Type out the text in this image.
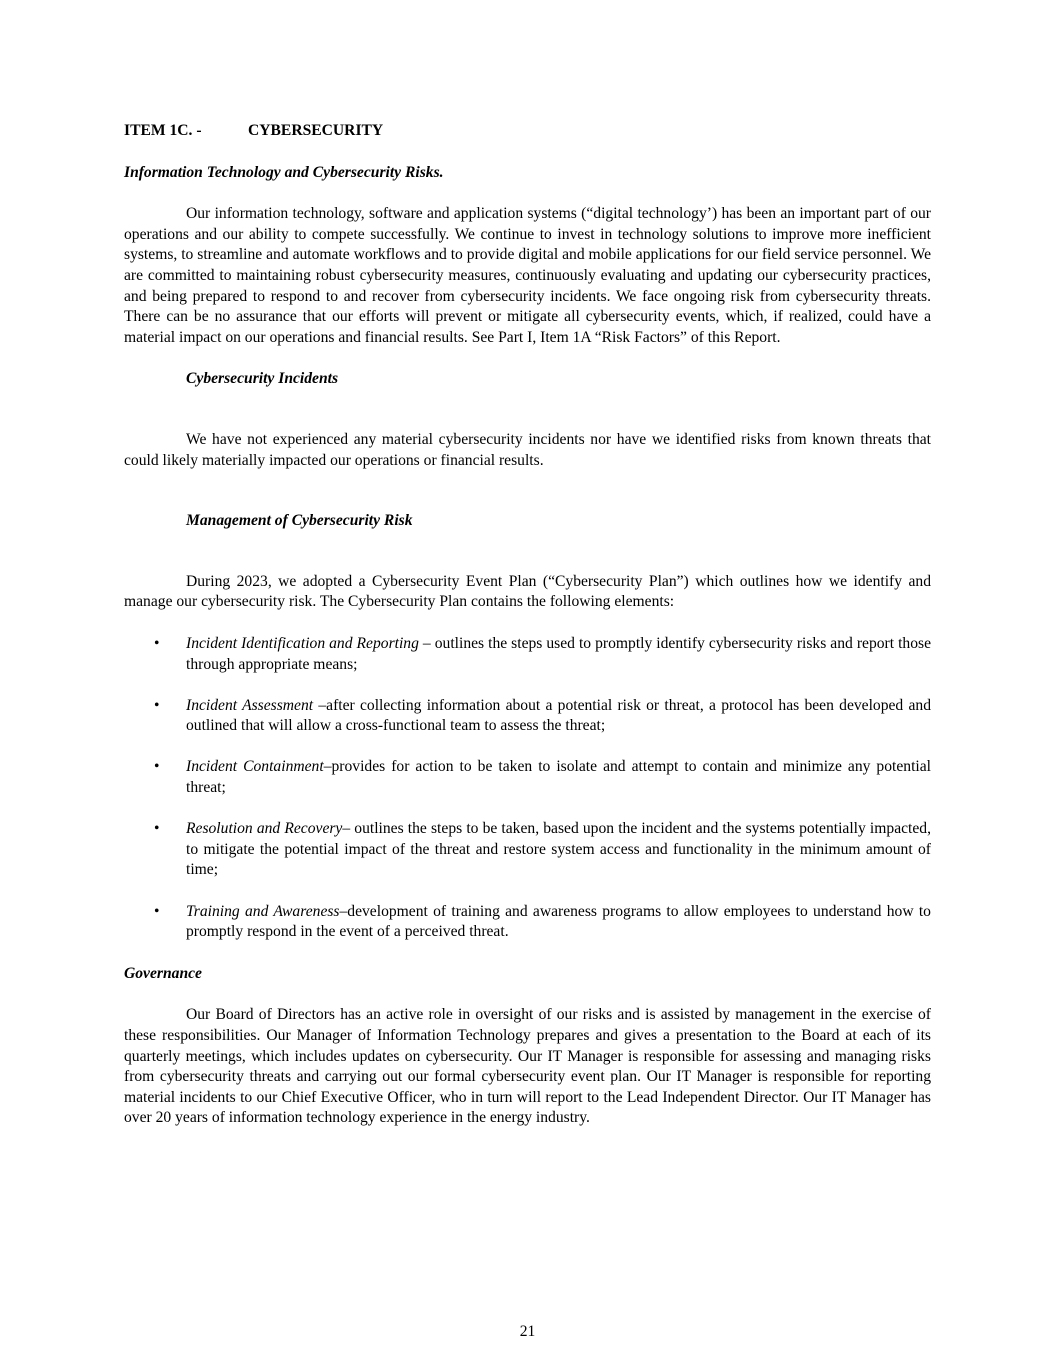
ITEM 1C. -	CYBERSECURITY
Information Technology and Cybersecurity Risks.

Our information technology, software and application systems (“digital technology’) has been an important part of our operations and our ability to compete successfully. We continue to invest in technology solutions to improve more inefficient systems, to streamline and automate workflows and to provide digital and mobile applications for our field service personnel. We are committed to maintaining robust cybersecurity measures, continuously evaluating and updating our cybersecurity practices, and being prepared to respond to and recover from cybersecurity incidents. We face ongoing risk from cybersecurity threats. There can be no assurance that our efforts will prevent or mitigate all cybersecurity events, which, if realized, could have a material impact on our operations and financial results. See Part I, Item 1A “Risk Factors” of this Report.

Cybersecurity Incidents

We have not experienced any material cybersecurity incidents nor have we identified risks from known threats that could likely materially impacted our operations or financial results.

Management of Cybersecurity Risk

During 2023, we adopted a Cybersecurity Event Plan (“Cybersecurity Plan”) which outlines how we identify and manage our cybersecurity risk. The Cybersecurity Plan contains the following elements:

• Incident Identification and Reporting – outlines the steps used to promptly identify cybersecurity risks and report those through appropriate means;
• Incident Assessment –after collecting information about a potential risk or threat, a protocol has been developed and outlined that will allow a cross-functional team to assess the threat;
• Incident Containment–provides for action to be taken to isolate and attempt to contain and minimize any potential threat;
• Resolution and Recovery– outlines the steps to be taken, based upon the incident and the systems potentially impacted, to mitigate the potential impact of the threat and restore system access and functionality in the minimum amount of time;
• Training and Awareness–development of training and awareness programs to allow employees to understand how to promptly respond in the event of a perceived threat.
Governance

Our Board of Directors has an active role in oversight of our risks and is assisted by management in the exercise of these responsibilities. Our Manager of Information Technology prepares and gives a presentation to the Board at each of its quarterly meetings, which includes updates on cybersecurity. Our IT Manager is responsible for assessing and managing risks from cybersecurity threats and carrying out our formal cybersecurity event plan. Our IT Manager is responsible for reporting material incidents to our Chief Executive Officer, who in turn will report to the Lead Independent Director. Our IT Manager has over 20 years of information technology experience in the energy industry.

21
